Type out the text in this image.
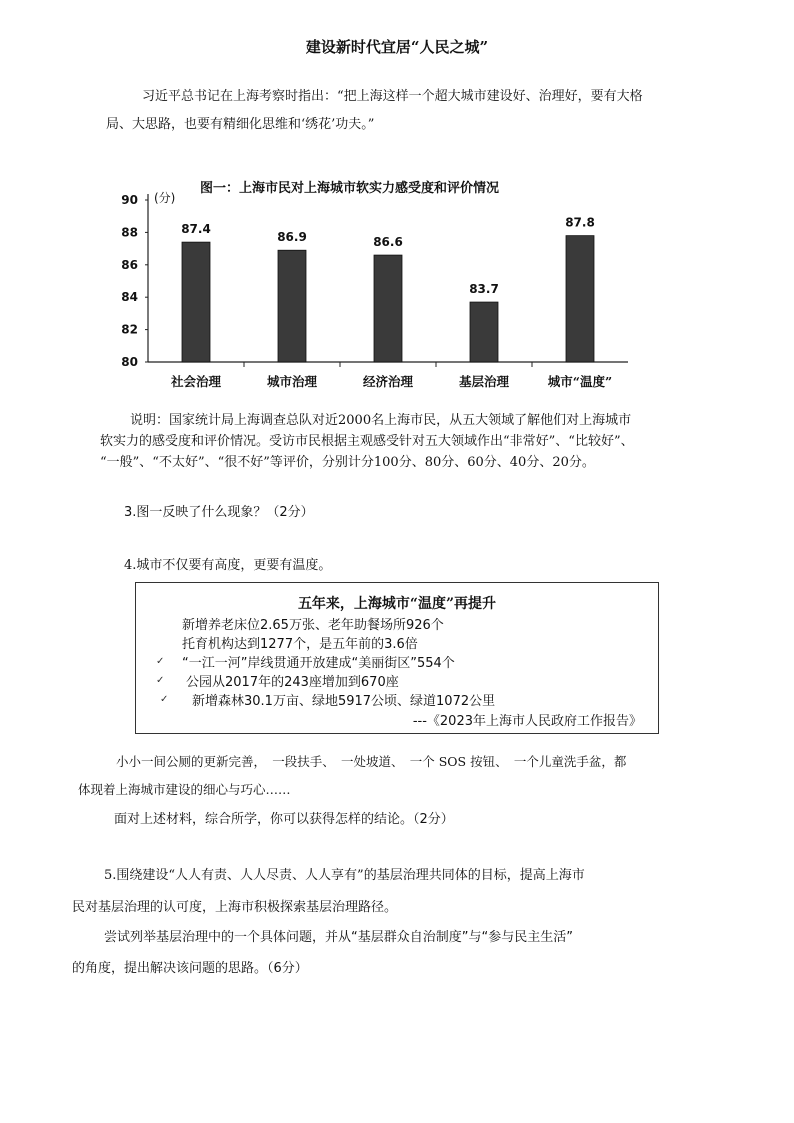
建设新时代宜居“人民之城”
习近平总书记在上海考察时指出：“把上海这样一个超大城市建设好、治理好，要有大格
局、大思路，也要有精细化思维和‘绣花’功夫。”
图一：上海市民对上海城市软实力感受度和评价情况
(分)
80
82
84
86
88
90
87.4
社会治理
86.9
城市治理
86.6
经济治理
83.7
基层治理
87.8
城市“温度”
说明：国家统计局上海调查总队对近2000名上海市民，从五大领域了解他们对上海城市
软实力的感受度和评价情况。受访市民根据主观感受针对五大领域作出“非常好”、“比较好”、
“一般”、“不太好”、“很不好”等评价，分别计分100分、80分、60分、40分、20分。
3.图一反映了什么现象？（2分）
4.城市不仅要有高度，更要有温度。
五年来，上海城市“温度”再提升
新增养老床位2.65万张、老年助餐场所926个
托育机构达到1277个，是五年前的3.6倍
✓ “一江一河”岸线贯通开放建成“美丽街区”554个
✓ 公园从2017年的243座增加到670座
✓ 新增森林30.1万亩、绿地5917公顷、绿道1072公里
---《2023年上海市人民政府工作报告》
小小一间公厕的更新完善，　一段扶手、　一处坡道、　一个 SOS 按钮、　一个儿童洗手盆，都
体现着上海城市建设的细心与巧心……
面对上述材料，综合所学，你可以获得怎样的结论。（2分）
5.围绕建设“人人有责、人人尽责、人人享有”的基层治理共同体的目标，提高上海市
民对基层治理的认可度，上海市积极探索基层治理路径。
尝试列举基层治理中的一个具体问题，并从“基层群众自治制度”与“参与民主生活”
的角度，提出解决该问题的思路。（6分）
